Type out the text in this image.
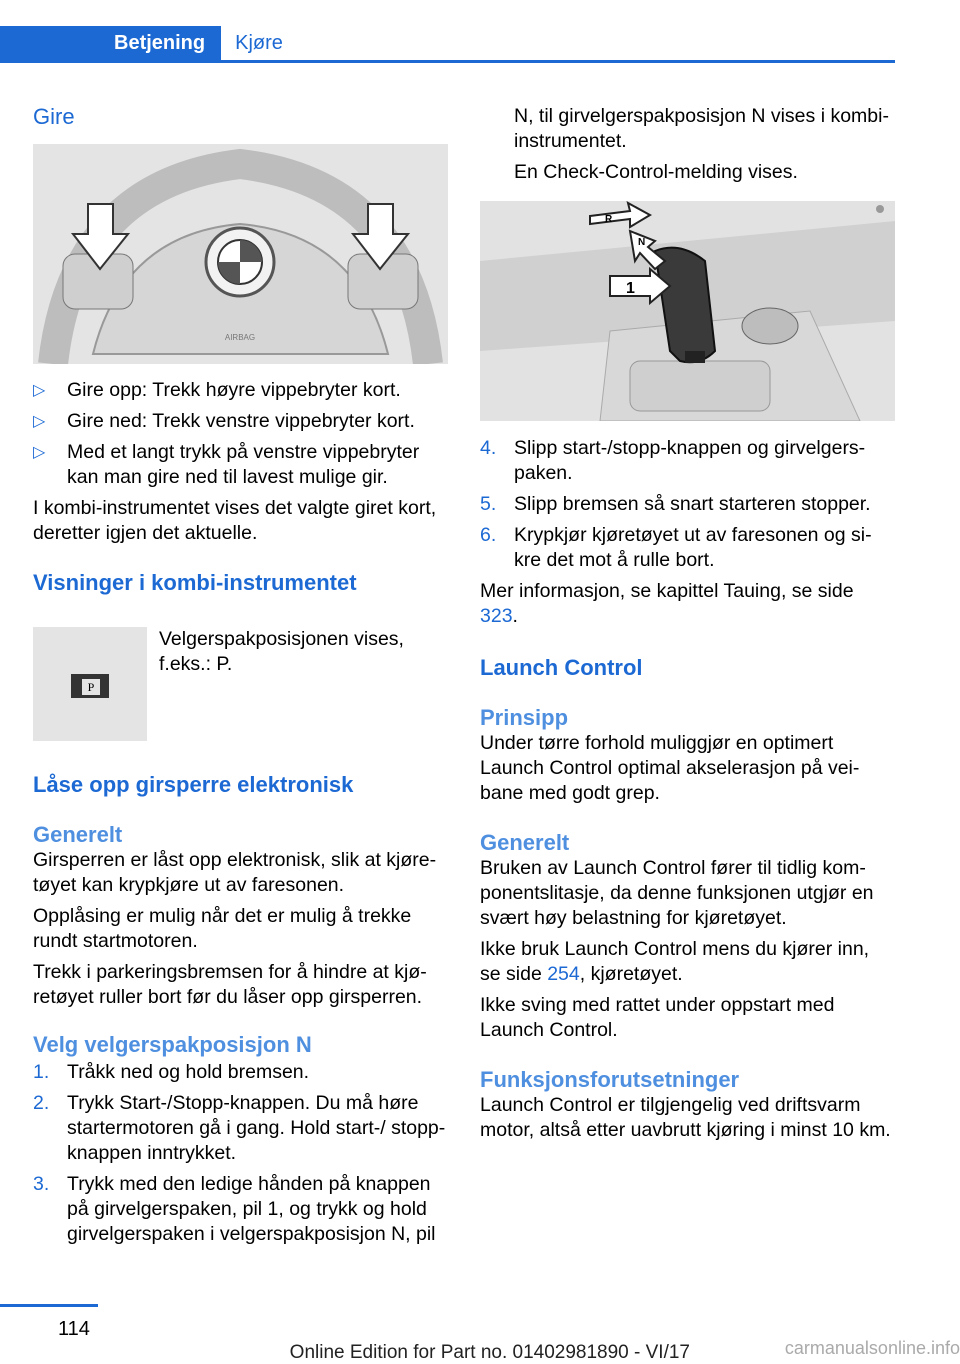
Betjening	Kjøre
Gire
AIRBAG
▷ Gire opp: Trekk høyre vippebryter kort.
▷ Gire ned: Trekk venstre vippebryter kort.
▷ Med et langt trykk på venstre vippebryter kan man gire ned til lavest mulige gir.

I kombi-instrumentet vises det valgte giret kort, deretter igjen det aktuelle.

Visninger i kombi-instrumentet
P

Velgerspakposisjonen vises, f.eks.: P.

Låse opp girsperre elektronisk
Generelt

Girsperren er låst opp elektronisk, slik at kjøre-tøyet kan krypkjøre ut av faresonen.

Opplåsing er mulig når det er mulig å trekke rundt startmotoren.

Trekk i parkeringsbremsen for å hindre at kjø-retøyet ruller bort før du låser opp girsperren.

Velg velgerspakposisjon N
1. Tråkk ned og hold bremsen.
2. Trykk Start-/Stopp-knappen. Du må høre startermotoren gå i gang. Hold start-/ stopp-knappen inntrykket.
3. Trykk med den ledige hånden på knappen på girvelgerspaken, pil 1, og trykk og hold girvelgerspaken i velgerspakposisjon N, pil

N, til girvelgerspakposisjon N vises i kombi-instrumentet.

En Check-Control-melding vises.

R
N
1
4. Slipp start-/stopp-knappen og girvelgers-paken.
5. Slipp bremsen så snart starteren stopper.
6. Krypkjør kjøretøyet ut av faresonen og si-kre det mot å rulle bort.

Mer informasjon, se kapittel Tauing, se side 323.

Launch Control
Prinsipp

Under tørre forhold muliggjør en optimert Launch Control optimal akselerasjon på vei-bane med godt grep.

Generelt

Bruken av Launch Control fører til tidlig kom-ponentslitasje, da denne funksjonen utgjør en svært høy belastning for kjøretøyet.

Ikke bruk Launch Control mens du kjører inn, se side 254, kjøretøyet.

Ikke sving med rattet under oppstart med Launch Control.

Funksjonsforutsetninger

Launch Control er tilgjengelig ved driftsvarm motor, altså etter uavbrutt kjøring i minst 10 km.

114
Online Edition for Part no. 01402981890 - VI/17	carmanualsonline.info
